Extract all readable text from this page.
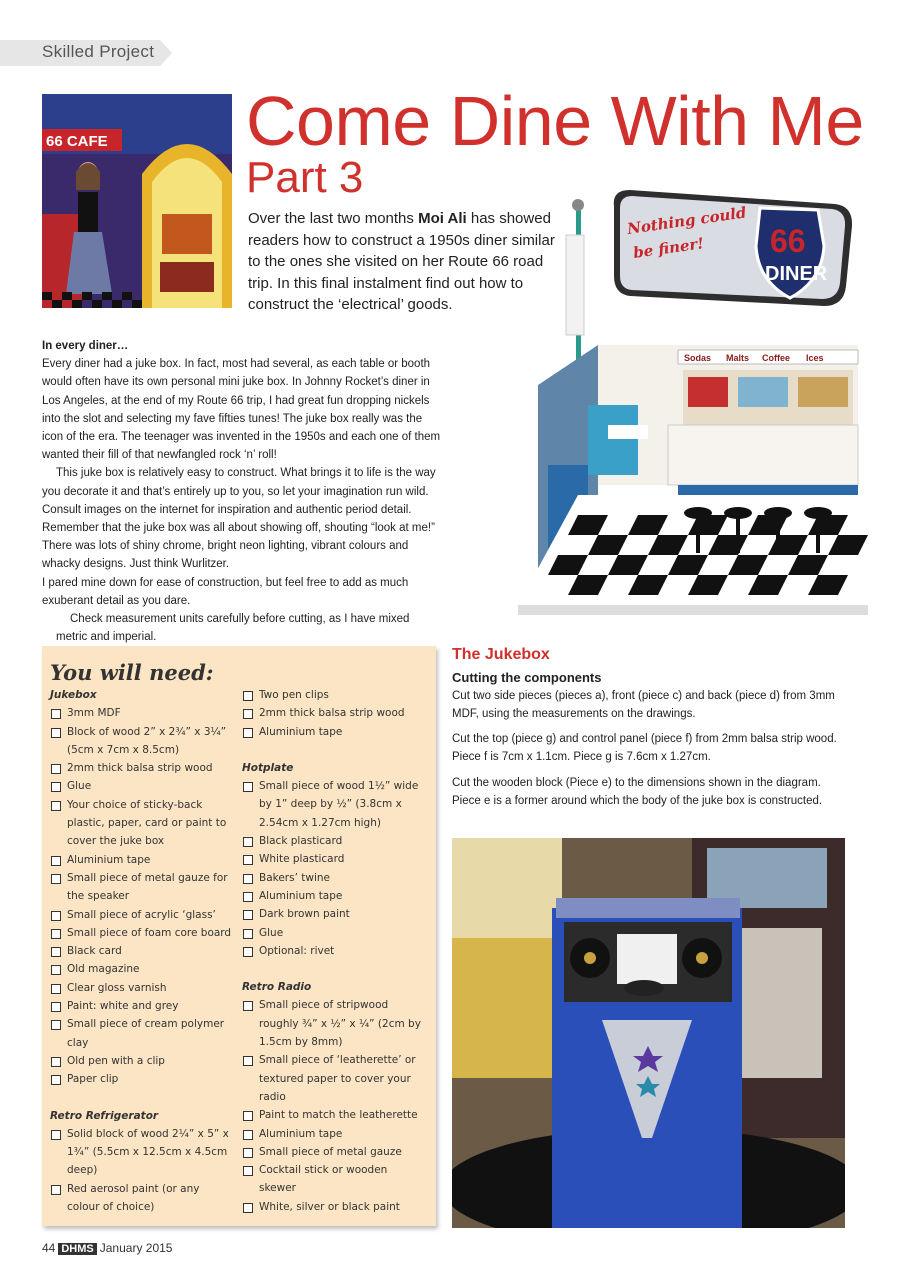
Skilled Project
66 CAFE Come Dine With Me
Part 3
Over the last two months Moi Ali has showed readers how to construct a 1950s diner similar to the ones she visited on her Route 66 road trip. In this final instalment find out how to construct the ‘electrical’ goods.
Nothing could
be finer! 66
DINER
Sodas Malts Coffee Ices

In every diner…

Every diner had a juke box. In fact, most had several, as each table or booth would often have its own personal mini juke box. In Johnny Rocket’s diner in Los Angeles, at the end of my Route 66 trip, I had great fun dropping nickels into the slot and selecting my fave fifties tunes! The juke box really was the icon of the era. The teenager was invented in the 1950s and each one of them wanted their fill of that newfangled rock ‘n’ roll!

This juke box is relatively easy to construct. What brings it to life is the way you decorate it and that’s entirely up to you, so let your imagination run wild. Consult images on the internet for inspiration and authentic period detail. Remember that the juke box was all about showing off, shouting “look at me!” There was lots of shiny chrome, bright neon lighting, vibrant colours and whacky designs. Just think Wurlitzer.

I pared mine down for ease of construction, but feel free to add as much exuberant detail as you dare.

Check measurement units carefully before cutting, as I have mixed metric and imperial.

You will need:
Jukebox
3mm MDF
Block of wood 2” x 2¾” x 3¼” (5cm x 7cm x 8.5cm)
2mm thick balsa strip wood
Glue
Your choice of sticky-back plastic, paper, card or paint to cover the juke box
Aluminium tape
Small piece of metal gauze for the speaker
Small piece of acrylic ‘glass’
Small piece of foam core board
Black card
Old magazine
Clear gloss varnish
Paint: white and grey
Small piece of cream polymer clay
Old pen with a clip
Paper clip
Retro Refrigerator
Solid block of wood 2¼” x 5” x 1¾” (5.5cm x 12.5cm x 4.5cm deep)
Red aerosol paint (or any colour of choice)
Two pen clips
2mm thick balsa strip wood
Aluminium tape
Hotplate
Small piece of wood 1½” wide by 1” deep by ½” (3.8cm x 2.54cm x 1.27cm high)
Black plasticard
White plasticard
Bakers’ twine
Aluminium tape
Dark brown paint
Glue
Optional: rivet
Retro Radio
Small piece of stripwood roughly ¾” x ½” x ¼” (2cm by 1.5cm by 8mm)
Small piece of ‘leatherette’ or textured paper to cover your radio
Paint to match the leatherette
Aluminium tape
Small piece of metal gauze
Cocktail stick or wooden skewer
White, silver or black paint
The Jukebox
Cutting the components
Cut two side pieces (pieces a), front (piece c) and back (piece d) from 3mm MDF, using the measurements on the drawings.
Cut the top (piece g) and control panel (piece f) from 2mm balsa strip wood. Piece f is 7cm x 1.1cm. Piece g is 7.6cm x 1.27cm.
Cut the wooden block (Piece e) to the dimensions shown in the diagram. Piece e is a former around which the body of the juke box is constructed.
44 DHMS January 2015
